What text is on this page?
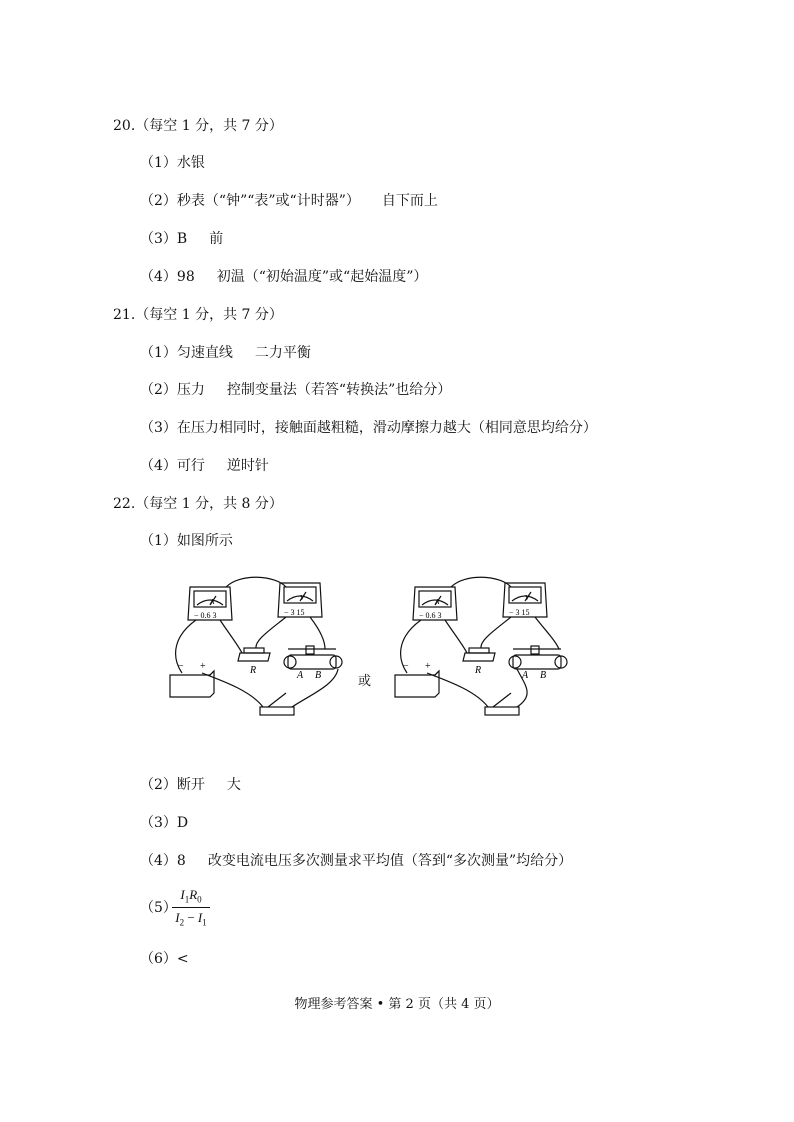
20.（每空 1 分，共 7 分）
（1）水银
（2）秒表（“钟”“表”或“计时器”） 自下而上
（3）B 前
（4）98 初温（“初始温度”或“起始温度”）
21.（每空 1 分，共 7 分）
（1）匀速直线 二力平衡
（2）压力 控制变量法（若答“转换法”也给分）
（3）在压力相同时，接触面越粗糙，滑动摩擦力越大（相同意思均给分）
（4）可行 逆时针
22.（每空 1 分，共 8 分）
（1）如图所示
A	V
− 0.6 3	− 3 15
− +	R	A B	或
A	V
− 0.6 3	− 3 15
− +	R	A B
（2）断开 大
（3）D
（4）8 改变电流电压多次测量求平均值（答到“多次测量”均给分）
（5）
$\frac{I_1R_0}{I_2 - I_1}$
（6）<
物理参考答案 • 第 2 页（共 4 页）
